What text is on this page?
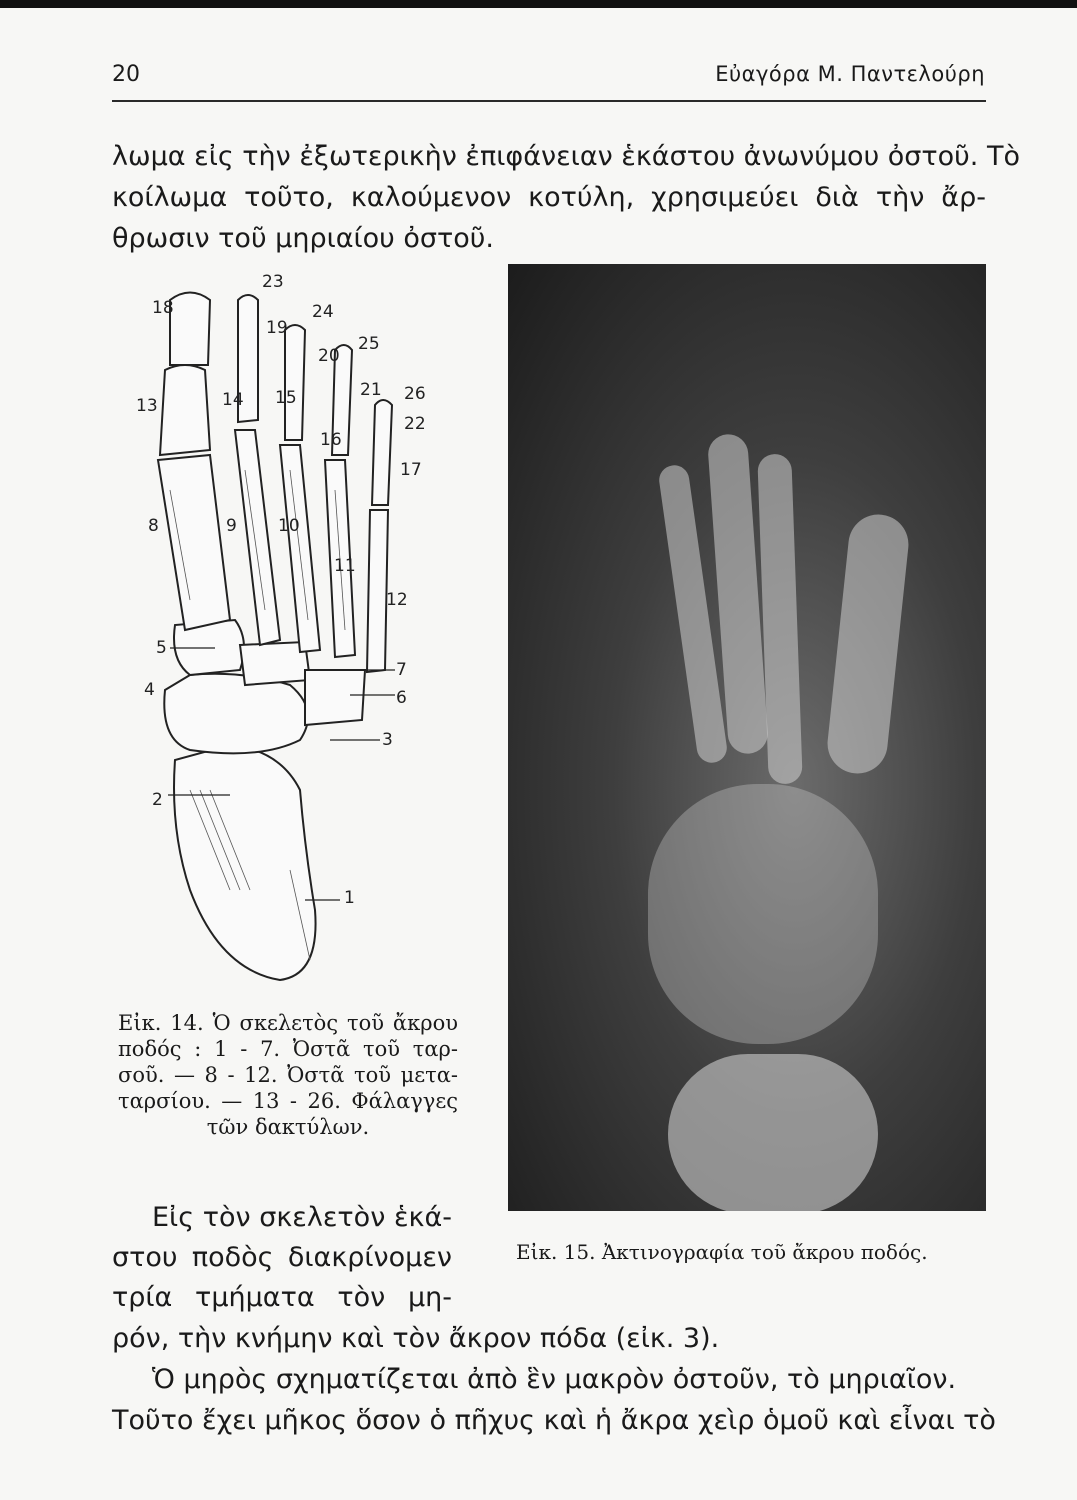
20	Εὐαγόρα Μ. Παντελούρη
λωμα εἰς τὴν ἐξωτερικὴν ἐπιφάνειαν ἑκάστου ἀνωνύμου ὀστοῦ. Τὸ
κοίλωμα τοῦτο, καλούμενον κοτύλη, χρησιμεύει διὰ τὴν ἄρ-
θρωσιν τοῦ μηριαίου ὀστοῦ.
18
23
19
24
20
25
13	14 15	21 26
22
16
17
8	9 10
11
12
5
7
4	6
3
2
1
Εἰκ. 14. Ὁ σκελετὸς τοῦ ἄκρου
ποδός : 1 - 7. Ὀστᾶ τοῦ ταρ-
σοῦ. — 8 - 12. Ὀστᾶ τοῦ μετα-
ταρσίου. — 13 - 26. Φάλαγγες
τῶν δακτύλων.
Εἰκ. 15. Ἀκτινογραφία τοῦ ἄκρου ποδός.
Εἰς τὸν σκελετὸν ἑκά-
στου ποδὸς διακρίνομεν
τρία τμήματα τὸν μη-
ρόν, τὴν κνήμην καὶ τὸν ἄκρον πόδα (εἰκ. 3).
Ὁ μηρὸς σχηματίζεται ἀπὸ ἓν μακρὸν ὀστοῦν, τὸ μηριαῖον.
Τοῦτο ἔχει μῆκος ὅσον ὁ πῆχυς καὶ ἡ ἄκρα χεὶρ ὁμοῦ καὶ εἶναι τὸ
